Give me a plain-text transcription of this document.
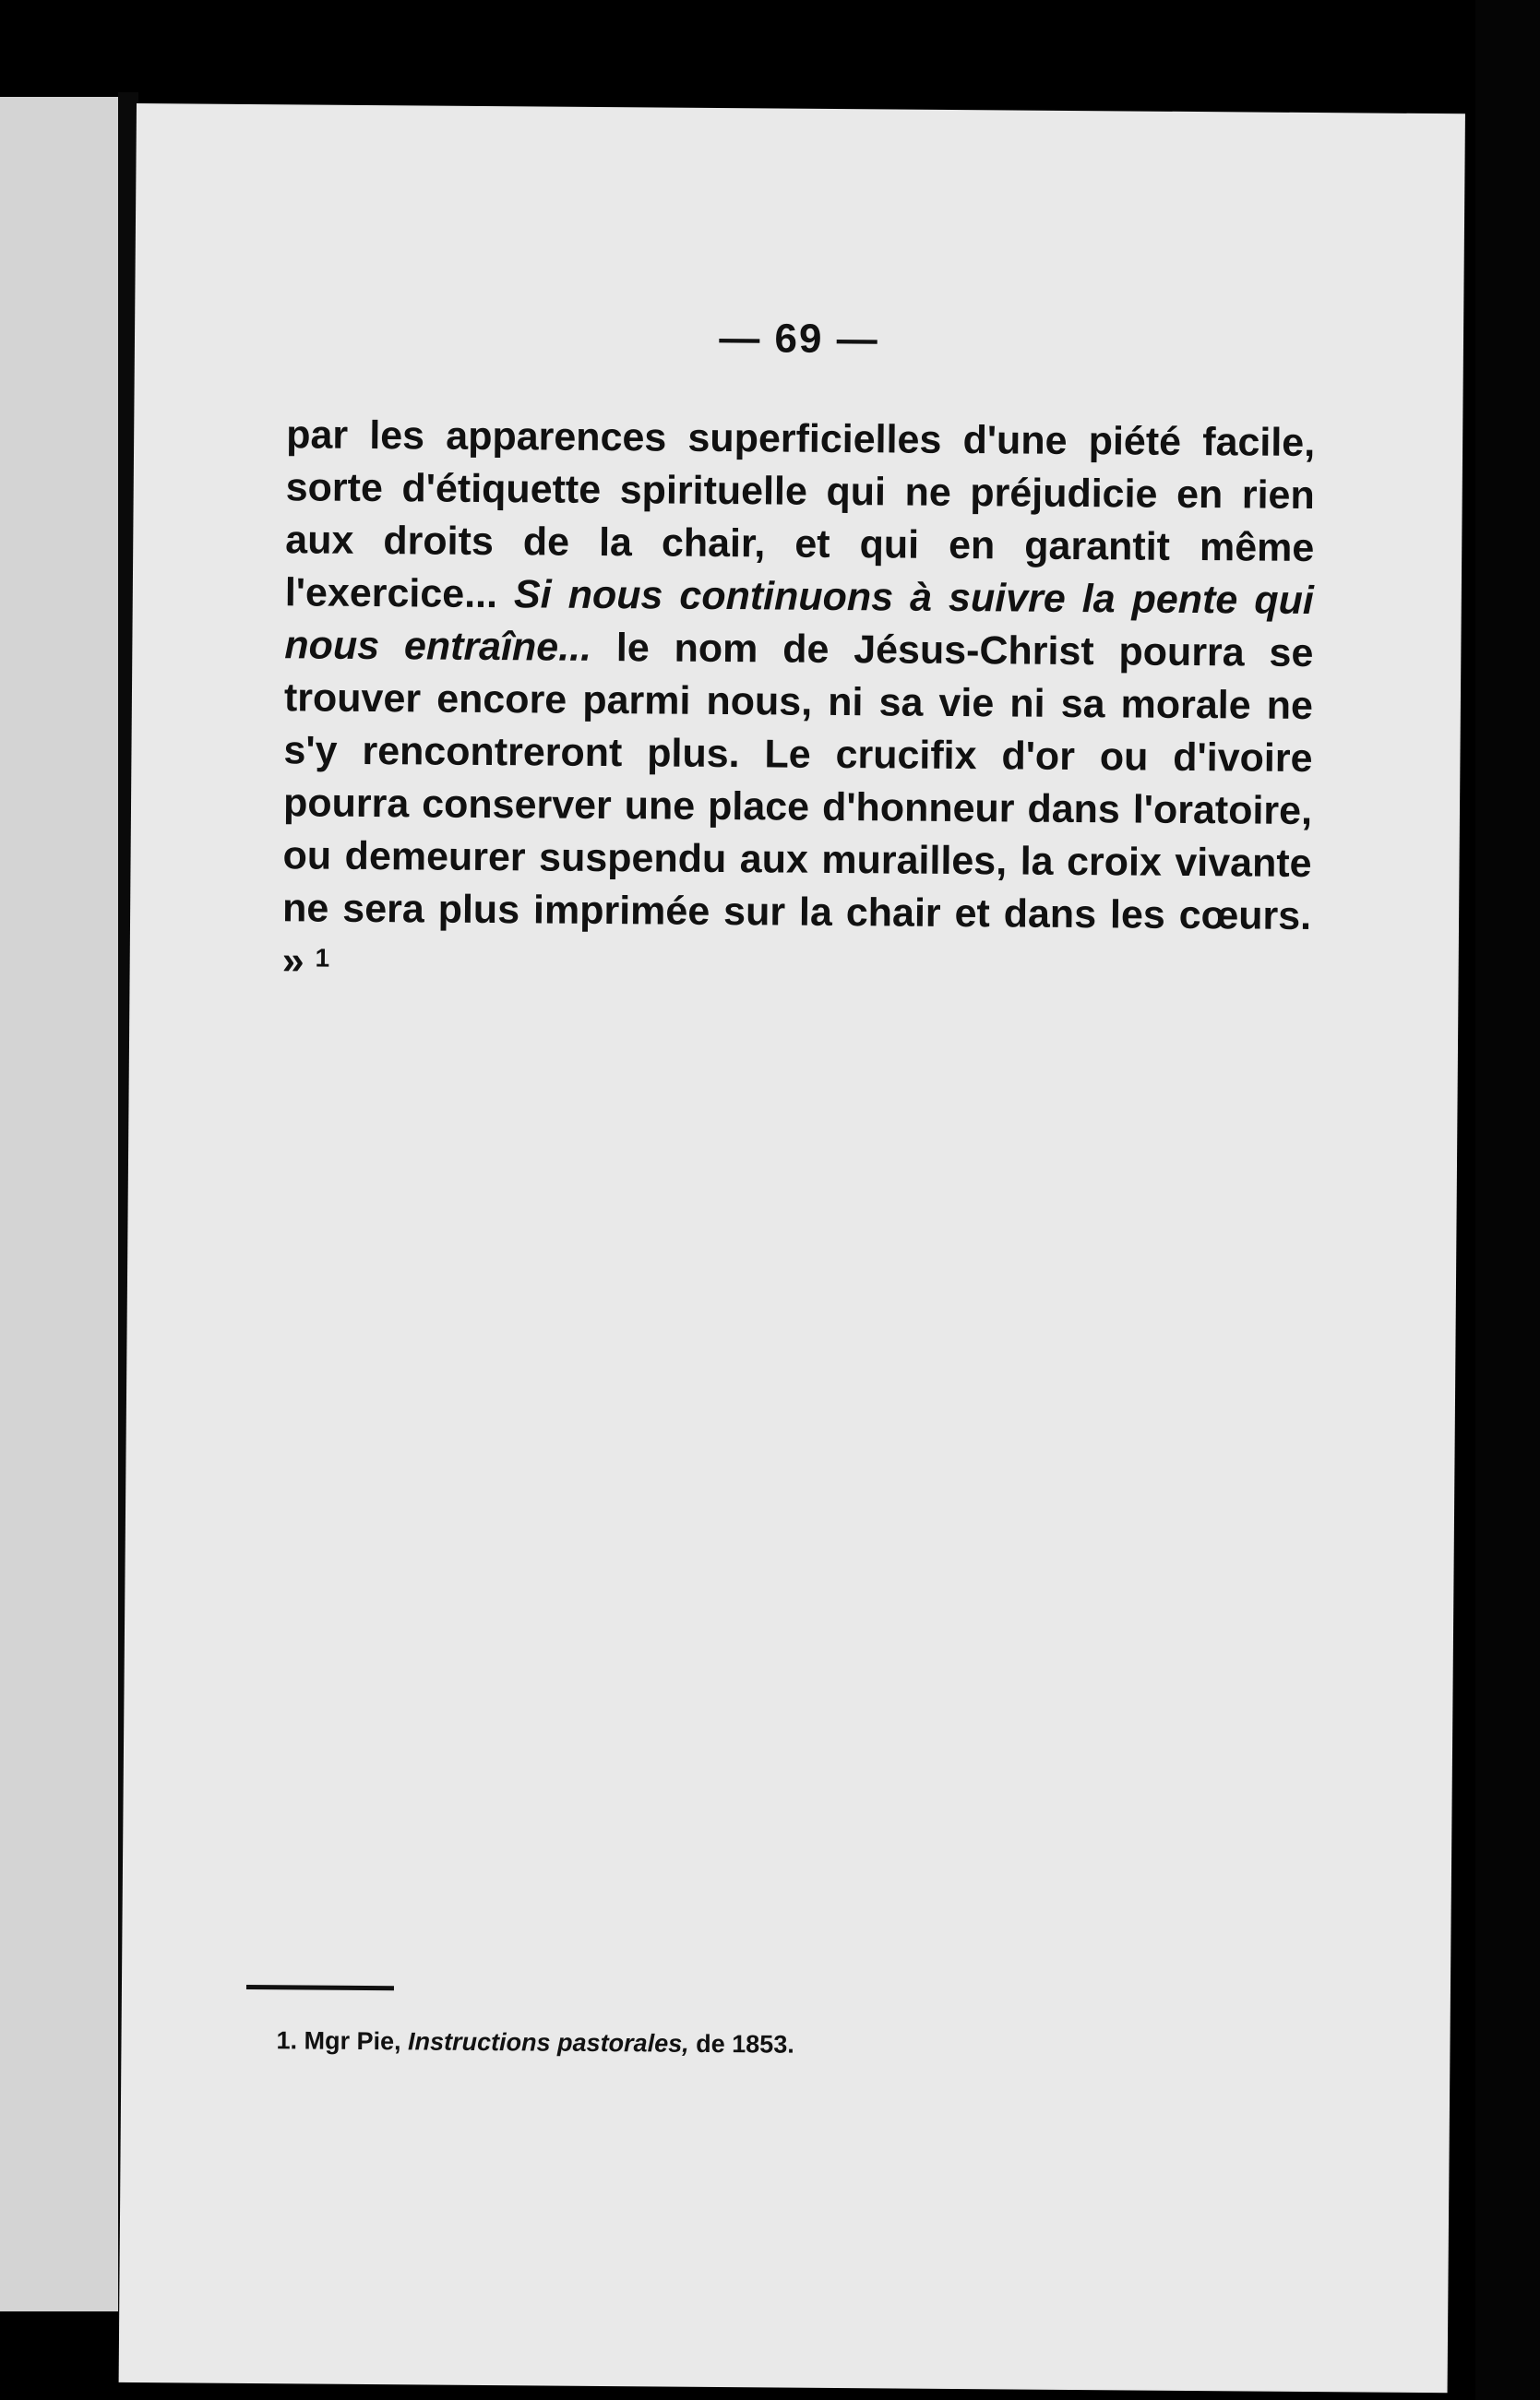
— 69 —
par les apparences superficielles d'une piété facile, sorte d'étiquette spirituelle qui ne préjudicie en rien aux droits de la chair, et qui en garantit même l'exercice... Si nous continuons à suivre la pente qui nous entraîne... le nom de Jésus-Christ pourra se trouver encore parmi nous, ni sa vie ni sa morale ne s'y rencontreront plus. Le crucifix d'or ou d'ivoire pourra conserver une place d'honneur dans l'oratoire, ou demeurer suspendu aux murailles, la croix vivante ne sera plus imprimée sur la chair et dans les cœurs. » $^1$
1. Mgr Pie, Instructions pastorales, de 1853.
